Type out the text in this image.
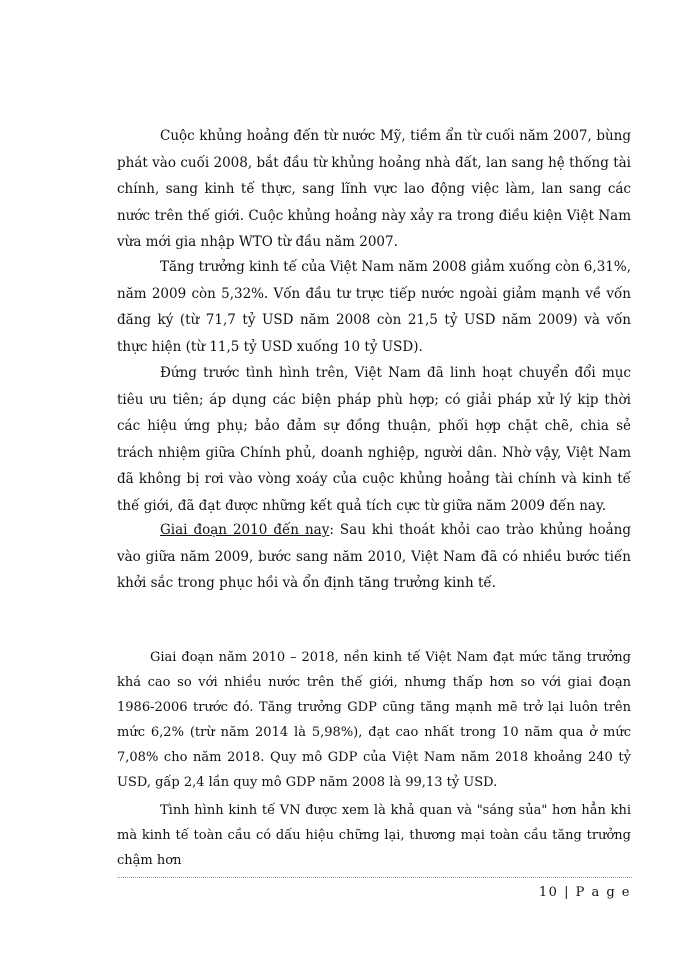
Cuộc khủng hoảng đến từ nước Mỹ, tiềm ẩn từ cuối năm 2007, bùng phát vào cuối 2008, bắt đầu từ khủng hoảng nhà đất, lan sang hệ thống tài chính, sang kinh tế thực, sang lĩnh vực lao động việc làm, lan sang các nước trên thế giới. Cuộc khủng hoảng này xảy ra trong điều kiện Việt Nam vừa mới gia nhập WTO từ đầu năm 2007.

Tăng trưởng kinh tế của Việt Nam năm 2008 giảm xuống còn 6,31%, năm 2009 còn 5,32%. Vốn đầu tư trực tiếp nước ngoài giảm mạnh về vốn đăng ký (từ 71,7 tỷ USD năm 2008 còn 21,5 tỷ USD năm 2009) và vốn thực hiện (từ 11,5 tỷ USD xuống 10 tỷ USD).

Đứng trước tình hình trên, Việt Nam đã linh hoạt chuyển đổi mục tiêu ưu tiên; áp dụng các biện pháp phù hợp; có giải pháp xử lý kịp thời các hiệu ứng phụ; bảo đảm sự đồng thuận, phối hợp chặt chẽ, chia sẻ trách nhiệm giữa Chính phủ, doanh nghiệp, người dân. Nhờ vậy, Việt Nam đã không bị rơi vào vòng xoáy của cuộc khủng hoảng tài chính và kinh tế thế giới, đã đạt được những kết quả tích cực từ giữa năm 2009 đến nay.

Giai đoạn 2010 đến nay: Sau khi thoát khỏi cao trào khủng hoảng vào giữa năm 2009, bước sang năm 2010, Việt Nam đã có nhiều bước tiến khởi sắc trong phục hồi và ổn định tăng trưởng kinh tế.

Giai đoạn năm 2010 – 2018, nền kinh tế Việt Nam đạt mức tăng trưởng khá cao so với nhiều nước trên thế giới, nhưng thấp hơn so với giai đoạn 1986-2006 trước đó. Tăng trưởng GDP cũng tăng mạnh mẽ trở lại luôn trên mức 6,2% (trừ năm 2014 là 5,98%), đạt cao nhất trong 10 năm qua ở mức 7,08% cho năm 2018. Quy mô GDP của Việt Nam năm 2018 khoảng 240 tỷ USD, gấp 2,4 lần quy mô GDP năm 2008 là 99,13 tỷ USD.

Tình hình kinh tế VN được xem là khả quan và "sáng sủa" hơn hẳn khi mà kinh tế toàn cầu có dấu hiệu chững lại, thương mại toàn cầu tăng trưởng chậm hơn

10 | P a g e
